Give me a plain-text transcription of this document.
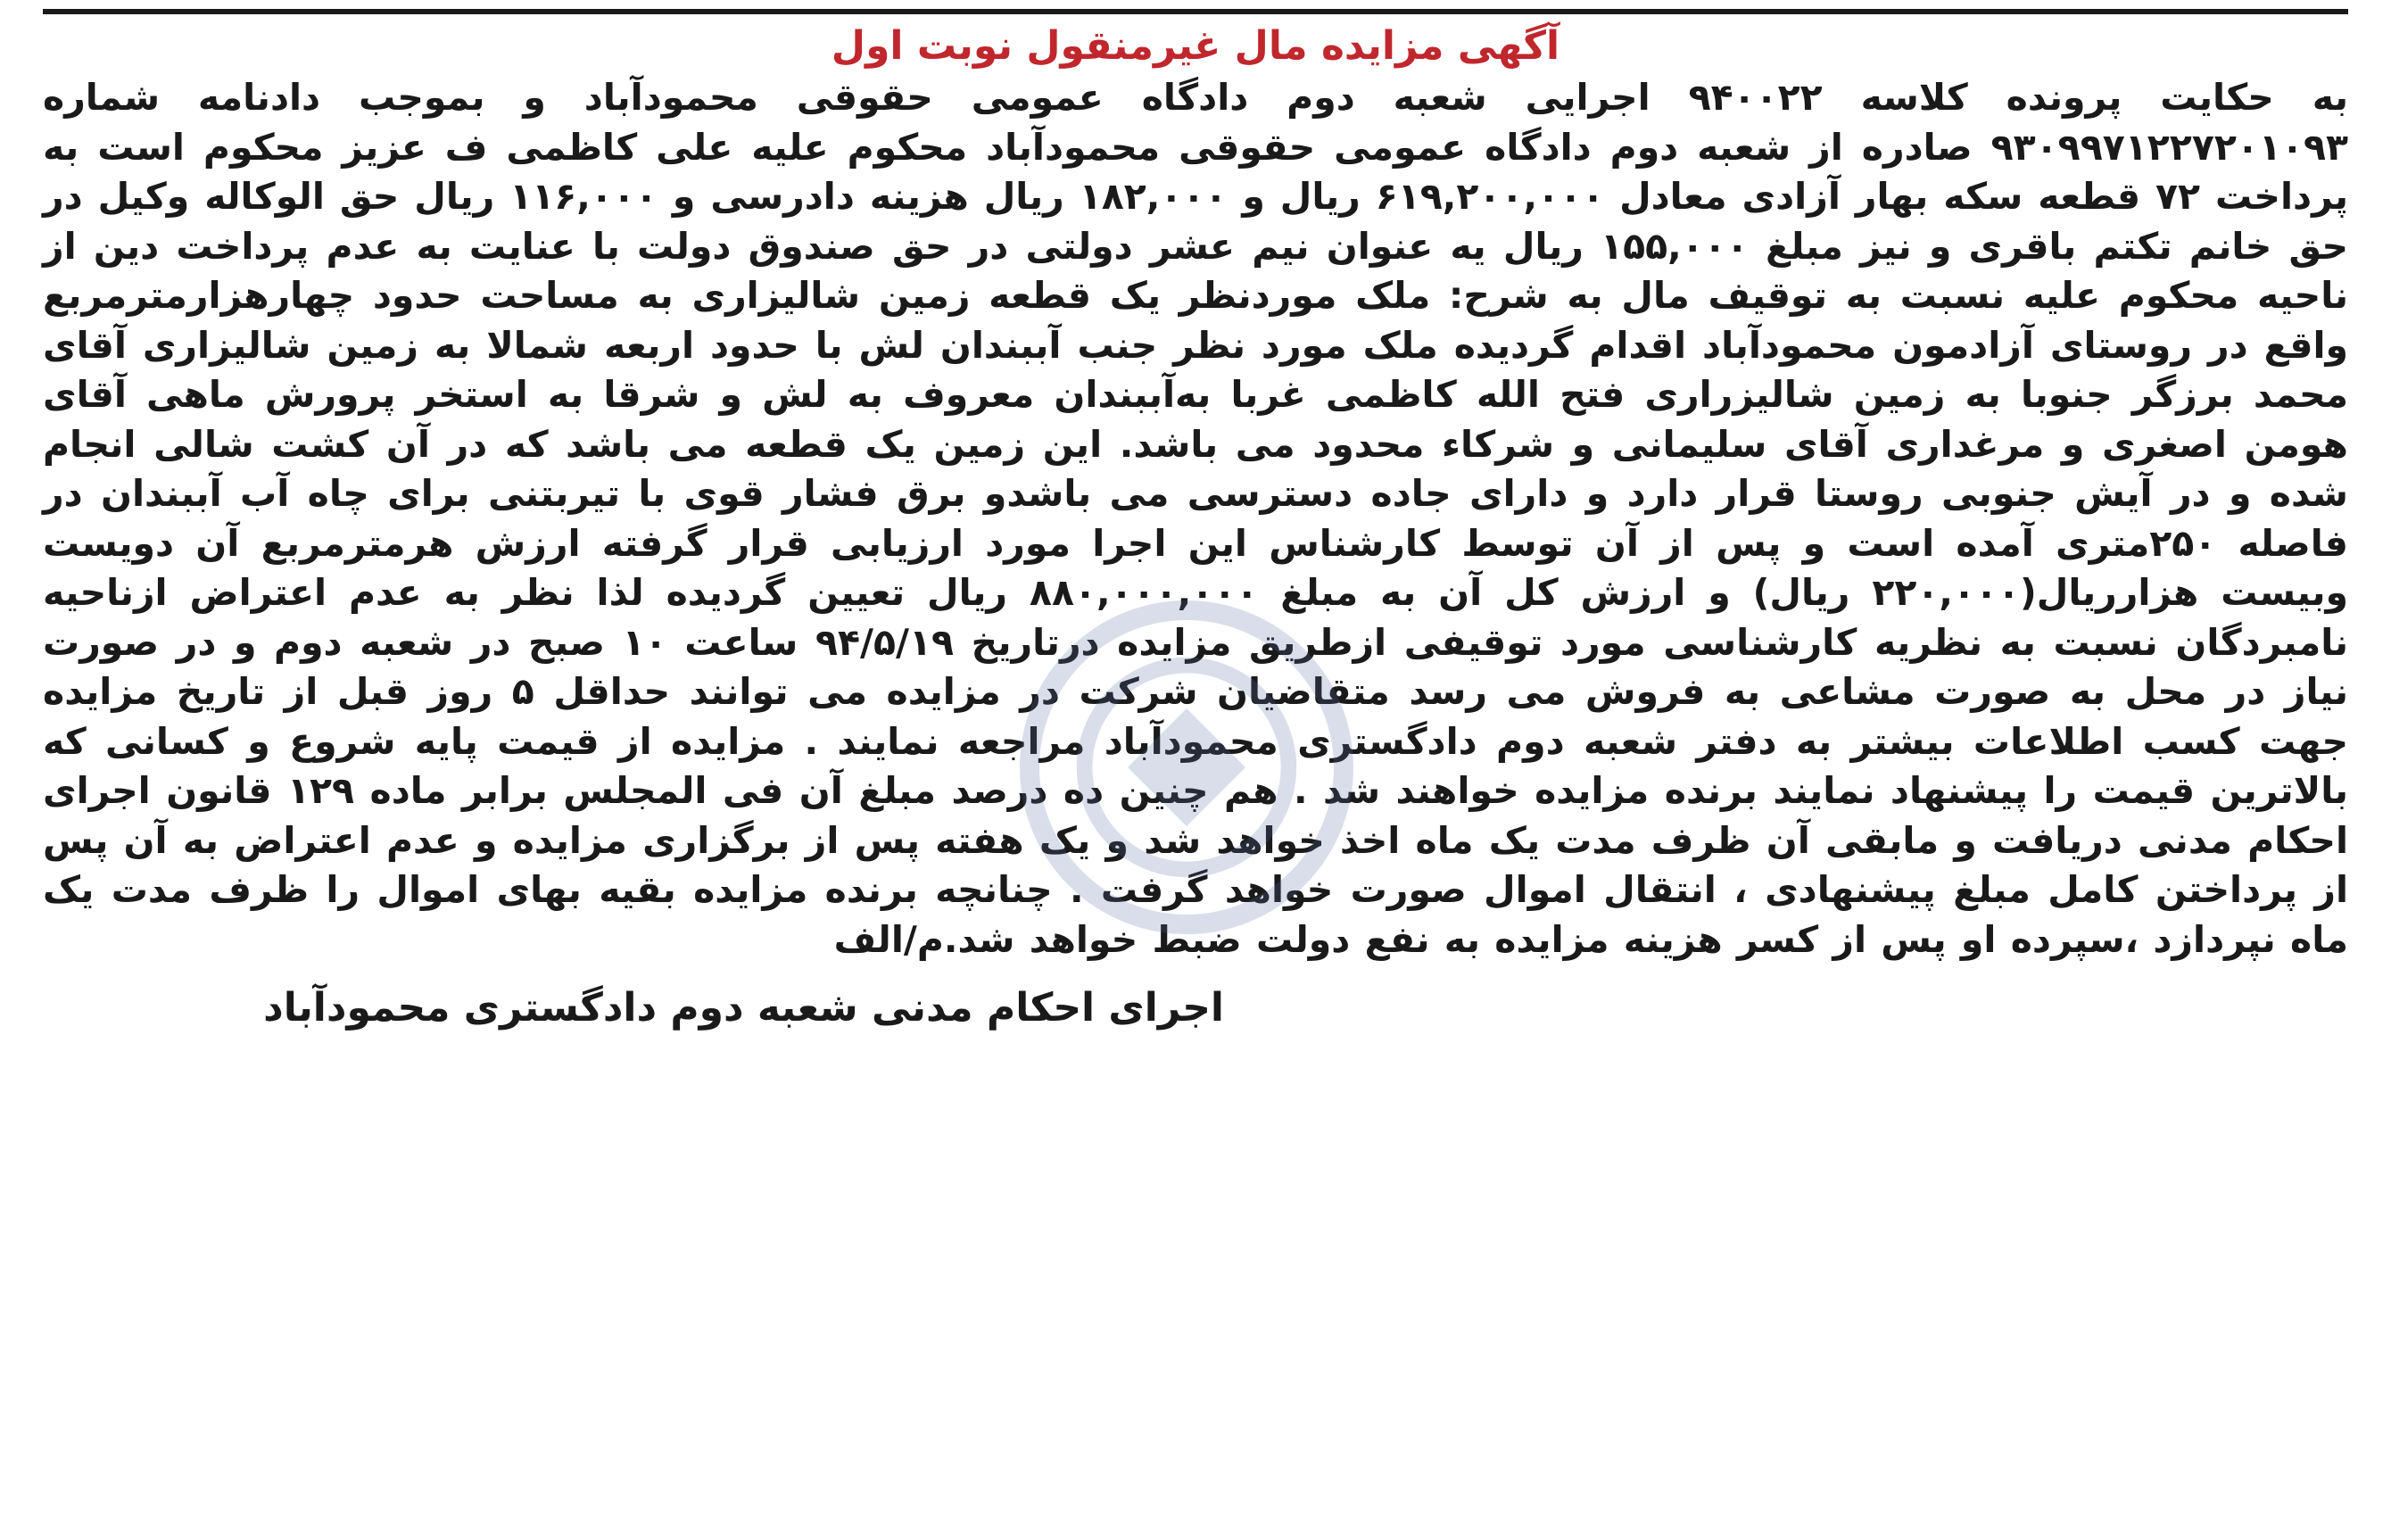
آگهی مزایده مال غیرمنقول نوبت اول

به حکایت پرونده کلاسه ۹۴۰۰۲۲ اجرایی شعبه دوم دادگاه عمومی حقوقی محمودآباد و بموجب دادنامه شماره ۹۳۰۹۹۷۱۲۲۷۲۰۱۰۹۳ صادره از شعبه دوم دادگاه عمومی حقوقی محمودآباد محکوم علیه علی کاظمی ف عزیز محکوم است به پرداخت ۷۲ قطعه سکه بهار آزادی معادل ۶۱۹,۲۰۰,۰۰۰ ریال و ۱۸۲,۰۰۰ ریال هزینه دادرسی و ۱۱۶,۰۰۰ ریال حق الوکاله وکیل در حق خانم تکتم باقری و نیز مبلغ ۱۵۵,۰۰۰ ریال یه عنوان نیم عشر دولتی در حق صندوق دولت با عنایت به عدم پرداخت دین از ناحیه محکوم علیه نسبت به توقیف مال به شرح: ملک موردنظر یک قطعه زمین شالیزاری به مساحت حدود چهارهزارمترمربع واقع در روستای آزادمون محمودآباد اقدام گردیده ملک مورد نظر جنب آببندان لش با حدود اربعه شمالا به زمین شالیزاری آقای محمد برزگر جنوبا به زمین شالیزراری فتح الله کاظمی غربا به‌آببندان معروف به لش و شرقا به استخر پرورش ماهی آقای هومن اصغری و مرغداری آقای سلیمانی و شرکاء محدود می باشد. این زمین یک قطعه می باشد که در آن کشت شالی انجام شده و در آیش جنوبی روستا قرار دارد و دارای جاده دسترسی می باشدو برق فشار قوی با تیربتنی برای چاه آب آببندان در فاصله ۲۵۰متری آمده است و پس از آن توسط کارشناس این اجرا مورد ارزیابی قرار گرفته ارزش هرمترمربع آن دویست وبیست هزارریال(۲۲۰,۰۰۰ ریال) و ارزش کل آن به مبلغ ۸۸۰,۰۰۰,۰۰۰ ریال تعیین گردیده لذا نظر به عدم اعتراض ازناحیه نامبردگان نسبت به نظریه کارشناسی مورد توقیفی ازطریق مزایده درتاریخ ۹۴/۵/۱۹ ساعت ۱۰ صبح در شعبه دوم و در صورت نیاز در محل به صورت مشاعی به فروش می رسد متقاضیان شرکت در مزایده می توانند حداقل ۵ روز قبل از تاریخ مزایده جهت کسب اطلاعات بیشتر به دفتر شعبه دوم دادگستری محمودآباد مراجعه نمایند . مزایده از قیمت پایه شروع و کسانی که بالاترین قیمت را پیشنهاد نمایند برنده مزایده خواهند شد . هم چنین ده درصد مبلغ آن فی المجلس برابر ماده ۱۲۹ قانون اجرای احکام مدنی دریافت و مابقی آن ظرف مدت یک ماه اخذ خواهد شد و یک هفته پس از برگزاری مزایده و عدم اعتراض به آن پس از پرداختن کامل مبلغ پیشنهادی ، انتقال اموال صورت خواهد گرفت . چنانچه برنده مزایده بقیه بهای اموال را ظرف مدت یک ماه نپردازد ،سپرده او پس از کسر هزینه مزایده به نفع دولت ضبط خواهد شد.م/الف

اجرای احکام مدنی شعبه دوم دادگستری محمودآباد
